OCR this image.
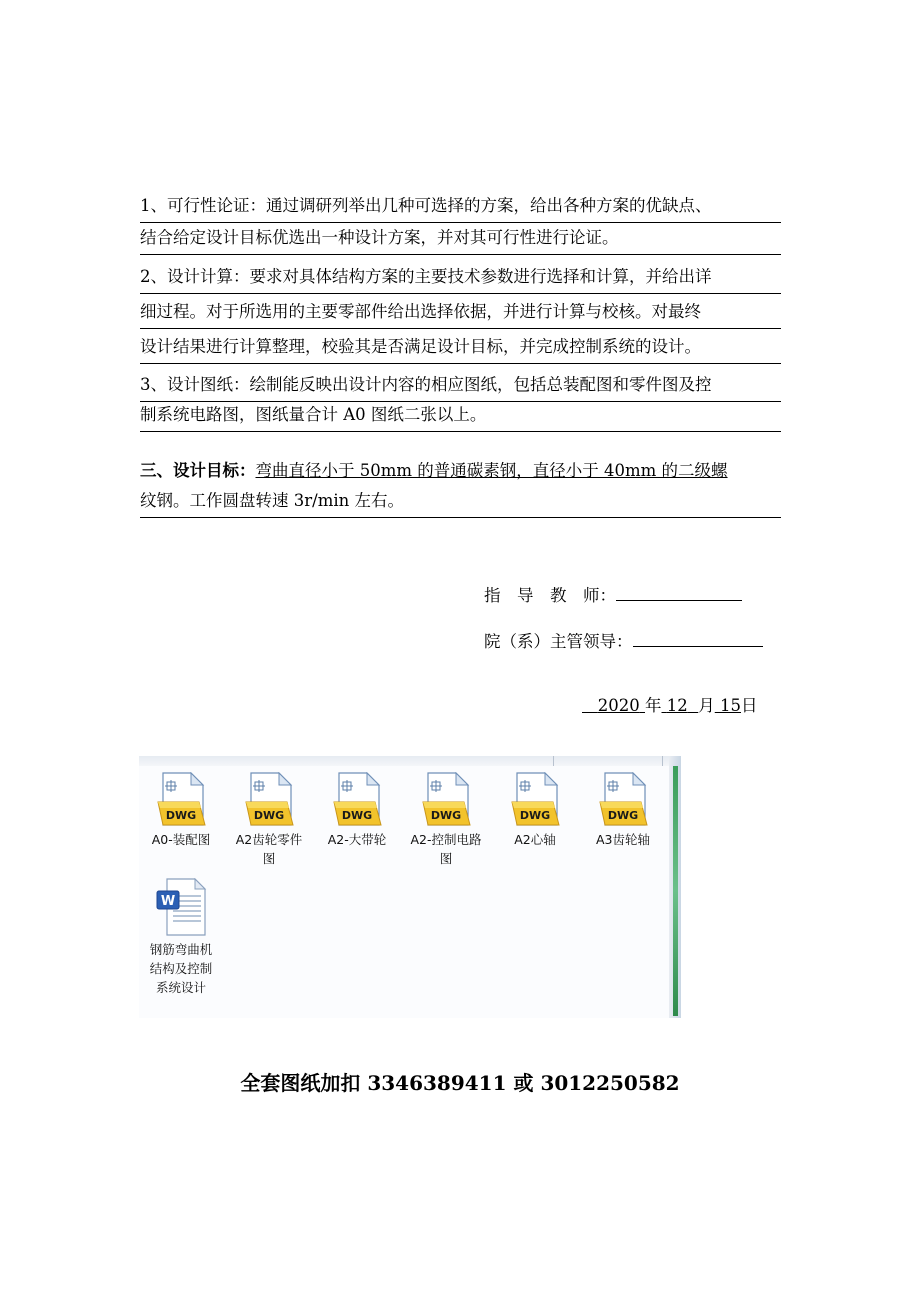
1、可行性论证：通过调研列举出几种可选择的方案，给出各种方案的优缺点、
结合给定设计目标优选出一种设计方案，并对其可行性进行论证。
2、设计计算：要求对具体结构方案的主要技术参数进行选择和计算，并给出详
细过程。对于所选用的主要零部件给出选择依据，并进行计算与校核。对最终
设计结果进行计算整理，校验其是否满足设计目标，并完成控制系统的设计。
3、设计图纸：绘制能反映出设计内容的相应图纸，包括总装配图和零件图及控
制系统电路图，图纸量合计 A0 图纸二张以上。
三、设计目标：弯曲直径小于 50mm 的普通碳素钢，直径小于 40mm 的二级螺
纹钢。工作圆盘转速 3r/min 左右。
指　导　教　师：
院（系）主管领导：
2020 年 12 月 15日
DWG
A0-装配图
DWG
A2齿轮零件图
DWG
A2-大带轮
DWG
A2-控制电路图
DWG
A2心轴
DWG
A3齿轮轴
W
钢筋弯曲机结构及控制系统设计
全套图纸加扣 3346389411 或 3012250582
